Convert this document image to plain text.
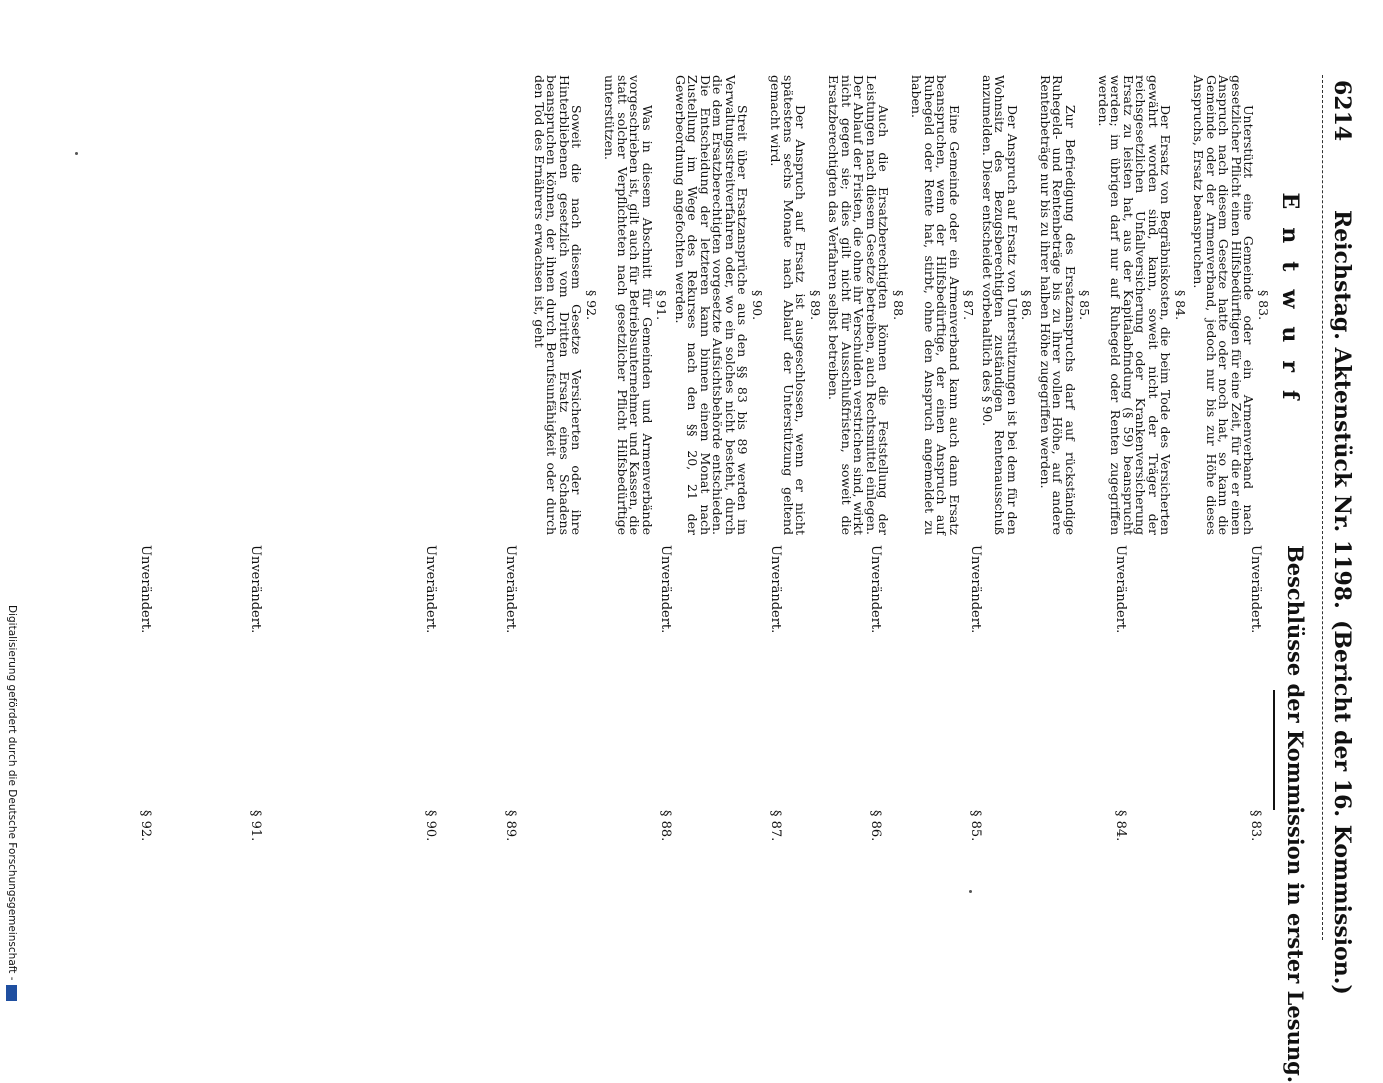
6214
Reichstag. Aktenstück Nr. 1198.
(Bericht der 16. Kommission.)
Entwurf
Beschlüsse der Kommission in erster Lesung.
§ 83.
Unterstützt eine Gemeinde oder ein Armenverband nach gesetzlicher Pflicht einen Hilfsbedürftigen für eine Zeit, für die er einen Anspruch nach diesem Gesetze hatte oder noch hat, so kann die Gemeinde oder der Armenverband, jedoch nur bis zur Höhe dieses Anspruchs, Ersatz beanspruchen.
§ 84.
Der Ersatz von Begräbniskosten, die beim Tode des Versicherten gewährt worden sind, kann, soweit nicht der Träger der reichsgesetzlichen Unfallversicherung oder Krankenversicherung Ersatz zu leisten hat, aus der Kapitalabfindung (§ 59) beansprucht werden; im übrigen darf nur auf Ruhegeld oder Renten zugegriffen werden.
§ 85.
Zur Befriedigung des Ersatzanspruchs darf auf rückständige Ruhegeld- und Rentenbeträge bis zu ihrer vollen Höhe, auf andere Rentenbeträge nur bis zu ihrer halben Höhe zugegriffen werden.
§ 86.
Der Anspruch auf Ersatz von Unterstützungen ist bei dem für den Wohnsitz des Bezugsberechtigten zuständigen Rentenausschuß anzumelden. Dieser entscheidet vorbehaltlich des § 90.
§ 87.
Eine Gemeinde oder ein Armenverband kann auch dann Ersatz beanspruchen, wenn der Hilfsbedürftige, der einen Anspruch auf Ruhegeld oder Rente hat, stirbt, ohne den Anspruch angemeldet zu haben.
§ 88.
Auch die Ersatzberechtigten können die Feststellung der Leistungen nach diesem Gesetze betreiben, auch Rechtsmittel einlegen. Der Ablauf der Fristen, die ohne ihr Verschulden verstrichen sind, wirkt nicht gegen sie; dies gilt nicht für Ausschlußfristen, soweit die Ersatzberechtigten das Verfahren selbst betreiben.
§ 89.
Der Anspruch auf Ersatz ist ausgeschlossen, wenn er nicht spätestens sechs Monate nach Ablauf der Unterstützung geltend gemacht wird.
§ 90.
Streit über Ersatzansprüche aus den §§ 83 bis 89 werden im Verwaltungsstreitverfahren oder, wo ein solches nicht besteht, durch die dem Ersatzberechtigten vorgesetzte Aufsichtsbehörde entschieden. Die Entscheidung der letzteren kann binnen einem Monat nach Zustellung im Wege des Rekurses nach den §§ 20, 21 der Gewerbeordnung angefochten werden.
§ 91.
Was in diesem Abschnitt für Gemeinden und Armenverbände vorgeschrieben ist, gilt auch für Betriebsunternehmer und Kassen, die statt solcher Verpflichteten nach gesetzlicher Pflicht Hilfsbedürftige unterstützen.
§ 92.
Soweit die nach diesem Gesetze Versicherten oder ihre Hinterbliebenen gesetzlich vom Dritten Ersatz eines Schadens beanspruchen können, der ihnen durch Berufsunfähigkeit oder durch den Tod des Ernährers erwachsen ist, geht
Unverändert.
§ 83.
Unverändert.
§ 84.
Unverändert.
§ 85.
Unverändert.
§ 86.
Unverändert.
§ 87.
Unverändert.
§ 88.
Unverändert.
§ 89.
Unverändert.
§ 90.
Unverändert.
§ 91.
Unverändert.
§ 92.
Digitalisierung gefördert durch die Deutsche Forschungsgemeinschaft -
